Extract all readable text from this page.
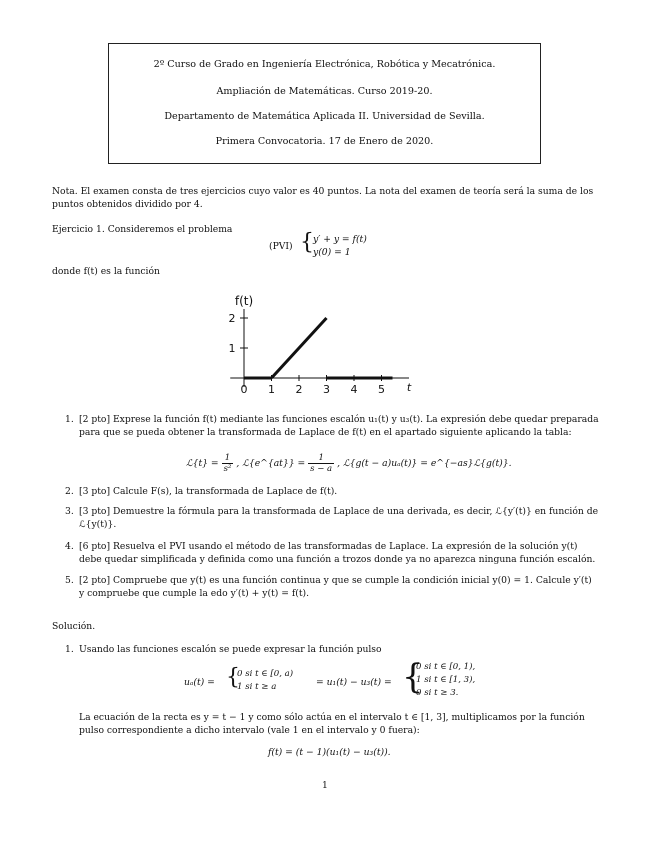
2º Curso de Grado en Ingeniería Electrónica, Robótica y Mecatrónica.
Ampliación de Matemáticas. Curso 2019-20.
Departamento de Matemática Aplicada II. Universidad de Sevilla.
Primera Convocatoria. 17 de Enero de 2020.
Nota. El examen consta de tres ejercicios cuyo valor es 40 puntos. La nota del examen de teoría será la suma de los
puntos obtenidos dividido por 4.
Ejercicio 1. Consideremos el problema
(PVI) { y′ + y = f(t)
y(0) = 1
donde f(t) es la función
1
2
0 1 2 3 4 5
f(t)
t
1. [2 pto] Exprese la función f(t) mediante las funciones escalón u₁(t) y u₃(t). La expresión debe quedar preparada
para que se pueda obtener la transformada de Laplace de f(t) en el apartado siguiente aplicando la tabla:
ℒ{t} = $\frac{1}{\text{s²}}$ , ℒ{e^{at}} = $\frac{1}{s - a}$ , ℒ{g(t − a)uₐ(t)} = e^{−as}ℒ{g(t)}.
2. [3 pto] Calcule F(s), la transformada de Laplace de f(t).
3. [3 pto] Demuestre la fórmula para la transformada de Laplace de una derivada, es decir, ℒ{y′(t)} en función de
ℒ{y(t)}.
4. [6 pto] Resuelva el PVI usando el método de las transformadas de Laplace. La expresión de la solución y(t)
debe quedar simplificada y definida como una función a trozos donde ya no aparezca ninguna función escalón.
5. [2 pto] Compruebe que y(t) es una función continua y que se cumple la condición inicial y(0) = 1. Calcule y′(t)
y compruebe que cumple la edo y′(t) + y(t) = f(t).
Solución.
1. Usando las funciones escalón se puede expresar la función pulso
uₐ(t) = {
0 si t ∈ [0, a)
1 si t ≥ a	= u₁(t) − u₃(t) = {
0 si t ∈ [0, 1),
1 si t ∈ [1, 3),
0 si t ≥ 3.
La ecuación de la recta es y = t − 1 y como sólo actúa en el intervalo t ∈ [1, 3], multiplicamos por la función
pulso correspondiente a dicho intervalo (vale 1 en el intervalo y 0 fuera):
f(t) = (t − 1)(u₁(t) − u₃(t)).
1
